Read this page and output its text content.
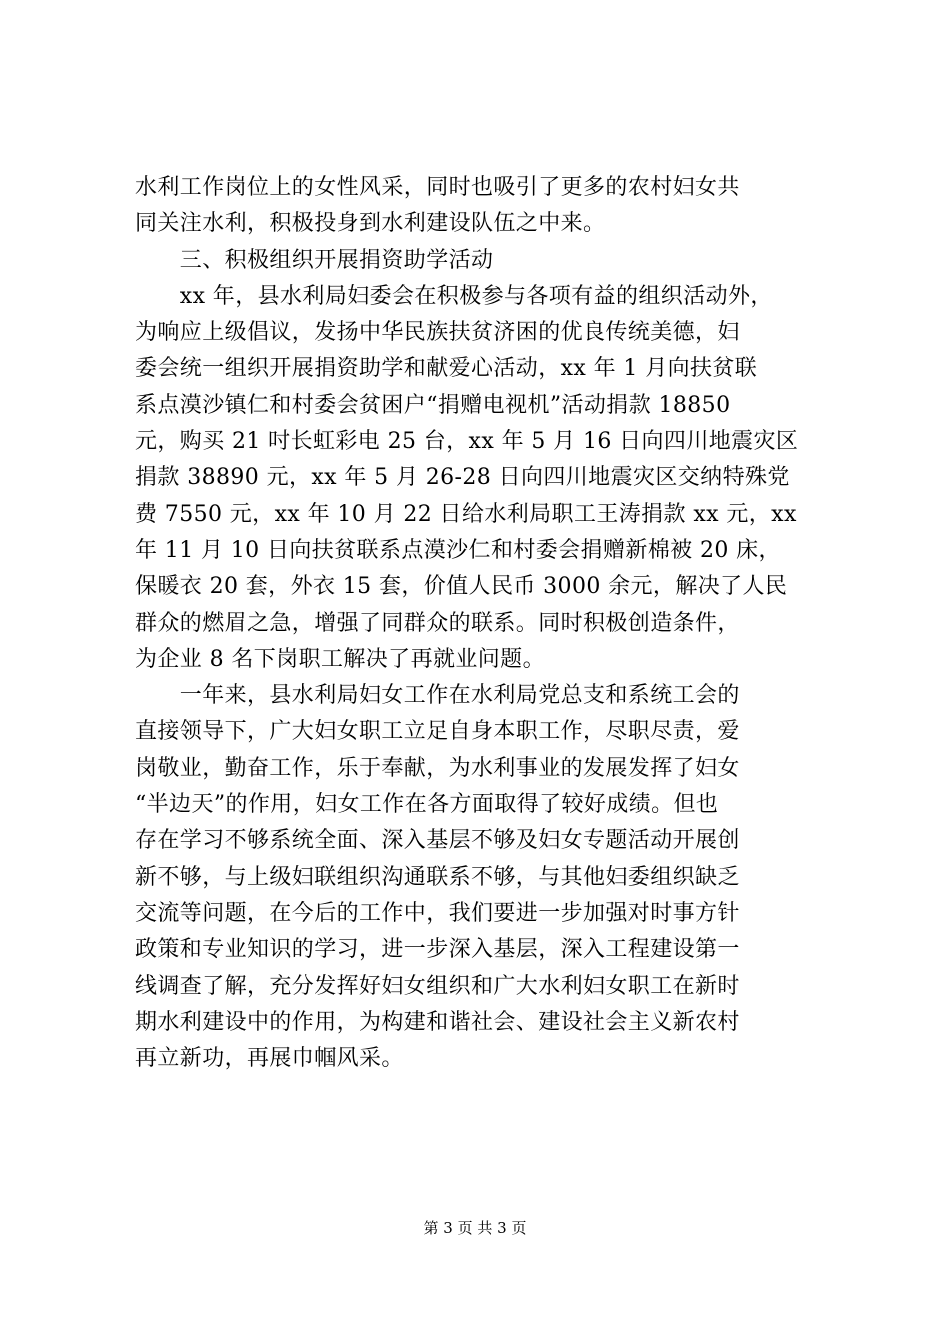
水利工作岗位上的女性风采，同时也吸引了更多的农村妇女共
同关注水利，积极投身到水利建设队伍之中来。
　　三、积极组织开展捐资助学活动
　　xx 年，县水利局妇委会在积极参与各项有益的组织活动外，
为响应上级倡议，发扬中华民族扶贫济困的优良传统美德，妇
委会统一组织开展捐资助学和献爱心活动，xx 年 1 月向扶贫联
系点漠沙镇仁和村委会贫困户“捐赠电视机”活动捐款 18850
元，购买 21 吋长虹彩电 25 台，xx 年 5 月 16 日向四川地震灾区
捐款 38890 元，xx 年 5 月 26-28 日向四川地震灾区交纳特殊党
费 7550 元，xx 年 10 月 22 日给水利局职工王涛捐款 xx 元，xx
年 11 月 10 日向扶贫联系点漠沙仁和村委会捐赠新棉被 20 床，
保暖衣 20 套，外衣 15 套，价值人民币 3000 余元，解决了人民
群众的燃眉之急，增强了同群众的联系。同时积极创造条件，
为企业 8 名下岗职工解决了再就业问题。
　　一年来，县水利局妇女工作在水利局党总支和系统工会的
直接领导下，广大妇女职工立足自身本职工作，尽职尽责，爱
岗敬业，勤奋工作，乐于奉献，为水利事业的发展发挥了妇女
“半边天”的作用，妇女工作在各方面取得了较好成绩。但也
存在学习不够系统全面、深入基层不够及妇女专题活动开展创
新不够，与上级妇联组织沟通联系不够，与其他妇委组织缺乏
交流等问题，在今后的工作中，我们要进一步加强对时事方针
政策和专业知识的学习，进一步深入基层，深入工程建设第一
线调查了解，充分发挥好妇女组织和广大水利妇女职工在新时
期水利建设中的作用，为构建和谐社会、建设社会主义新农村
再立新功，再展巾帼风采。
第 3 页 共 3 页
